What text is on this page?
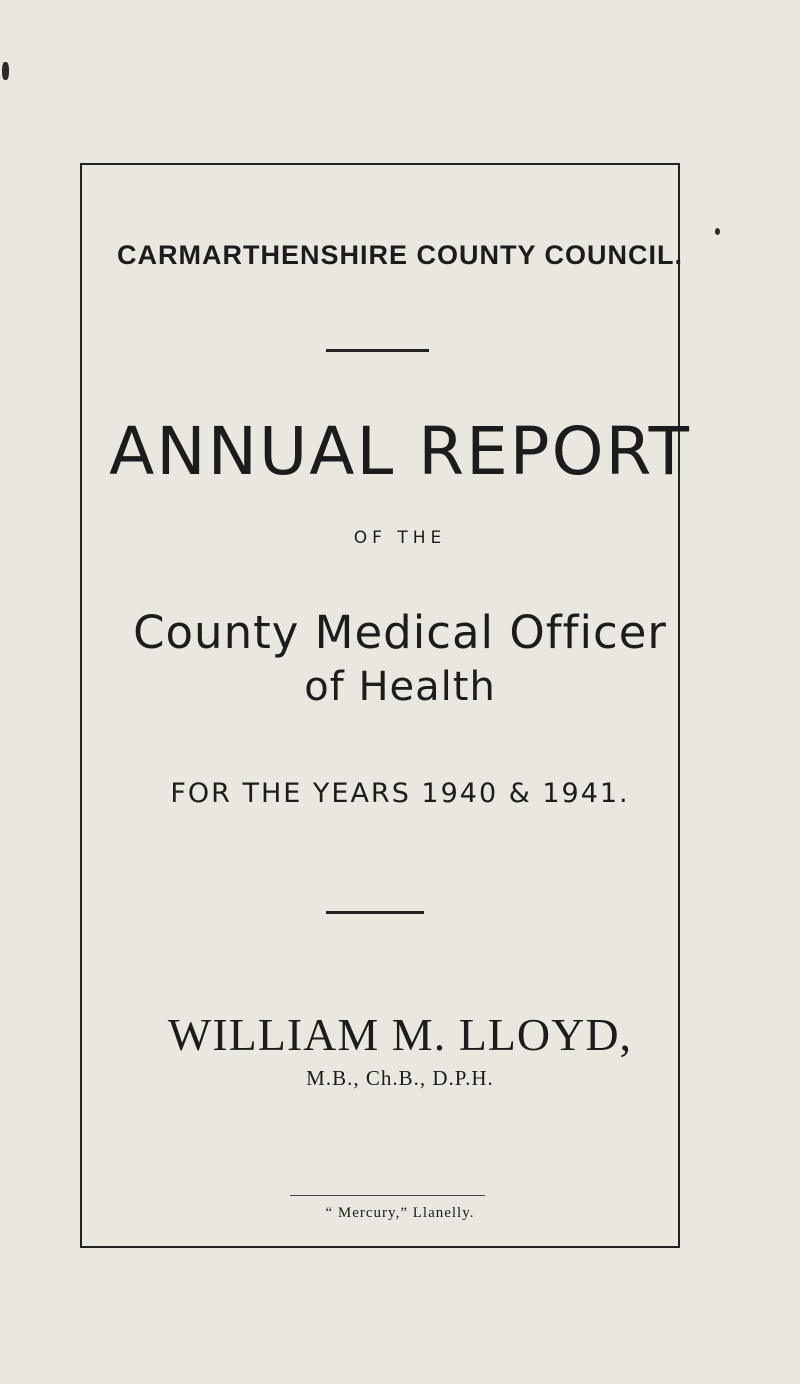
CARMARTHENSHIRE COUNTY COUNCIL.
ANNUAL REPORT
OF THE
County Medical Officer
of Health
FOR THE YEARS 1940 & 1941.
WILLIAM M. LLOYD,
M.B., Ch.B., D.P.H.
“ Mercury,” Llanelly.
